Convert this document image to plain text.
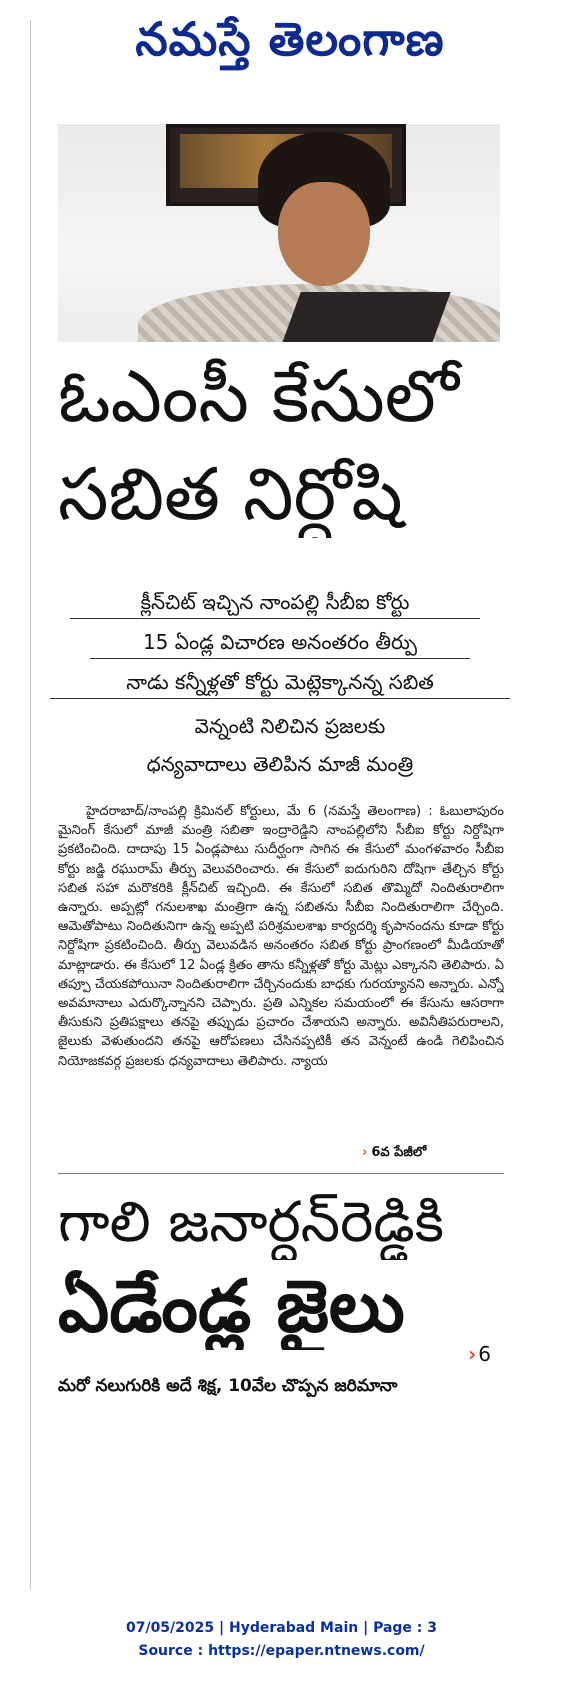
నమస్తే తెలంగాణ
ఓఎంసీ కేసులో
సబిత నిర్దోషి
క్లీన్‌చిట్ ఇచ్చిన నాంపల్లి సీబీఐ కోర్టు
15 ఏండ్ల విచారణ అనంతరం తీర్పు
నాడు కన్నీళ్లతో కోర్టు మెట్లెక్కానన్న సబిత
వెన్నంటి నిలిచిన ప్రజలకు
ధన్యవాదాలు తెలిపిన మాజీ మంత్రి

హైదరాబాద్/నాంపల్లి క్రిమినల్ కోర్టులు, మే 6 (నమస్తే తెలంగాణ) : ఓబులాపురం మైనింగ్ కేసులో మాజీ మంత్రి సబితా ఇంద్రారెడ్డిని నాంపల్లిలోని సీబీఐ కోర్టు నిర్దోషిగా ప్రకటించింది. దాదాపు 15 ఏండ్లపాటు సుదీర్ఘంగా సాగిన ఈ కేసులో మంగళవారం సీబీఐ కోర్టు జడ్జి రఘురామ్ తీర్పు వెలువరించారు. ఈ కేసులో ఐదుగురిని దోషిగా తేల్చిన కోర్టు సబిత సహా మరొకరికి క్లీన్‌చిట్ ఇచ్చింది. ఈ కేసులో సబిత తొమ్మిదో నిందితురాలిగా ఉన్నారు. అప్పట్లో గనులశాఖ మంత్రిగా ఉన్న సబితను సీబీఐ నిందితురాలిగా చేర్చింది. ఆమెతోపాటు నిందితునిగా ఉన్న అప్పటి పరిశ్రమలశాఖ కార్యదర్శి కృపానందను కూడా కోర్టు నిర్దోషిగా ప్రకటించింది. తీర్పు వెలువడిన అనంతరం సబిత కోర్టు ప్రాంగణంలో మీడియాతో మాట్లాడారు. ఈ కేసులో 12 ఏండ్ల క్రితం తాను కన్నీళ్లతో కోర్టు మెట్లు ఎక్కానని తెలిపారు. ఏ తప్పూ చేయకపోయినా నిందితురాలిగా చేర్చినందుకు బాధకు గురయ్యానని అన్నారు. ఎన్నో అవమానాలు ఎదుర్కొన్నానని చెప్పారు. ప్రతి ఎన్నికల సమయంలో ఈ కేసును ఆసరాగా తీసుకుని ప్రతిపక్షాలు తనపై తప్పుడు ప్రచారం చేశాయని అన్నారు. అవినీతిపరురాలని, జైలుకు వెళుతుందని తనపై ఆరోపణలు చేసినప్పటికీ తన వెన్నంటే ఉండి గెలిపించిన నియోజకవర్గ ప్రజలకు ధన్యవాదాలు తెలిపారు. న్యాయ

› 6వ పేజీలో
గాలి జనార్దన్‌రెడ్డికి
ఏడేండ్ల జైలు
› 6
మరో నలుగురికి అదే శిక్ష, 10వేల చొప్పన జరిమానా
07/05/2025 | Hyderabad Main | Page : 3
Source : https://epaper.ntnews.com/
